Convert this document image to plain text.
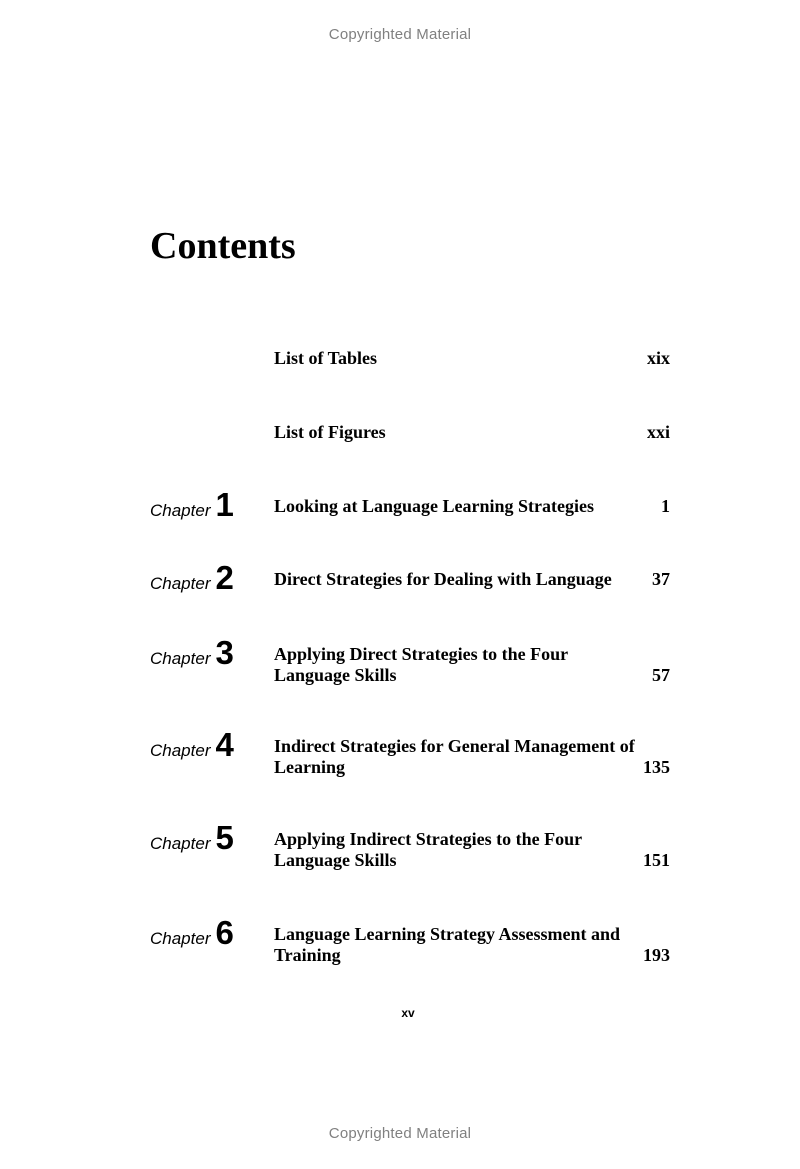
Copyrighted Material
Contents
List of Tables	xix
List of Figures	xxi
Chapter 1 Looking at Language Learning Strategies	1
Chapter 2 Direct Strategies for Dealing with Language	37
Chapter 3 Applying Direct Strategies to the Four Language Skills	57
Chapter 4 Indirect Strategies for General Management of Learning	135
Chapter 5 Applying Indirect Strategies to the Four Language Skills	151
Chapter 6 Language Learning Strategy Assessment and Training	193
xv
Copyrighted Material
